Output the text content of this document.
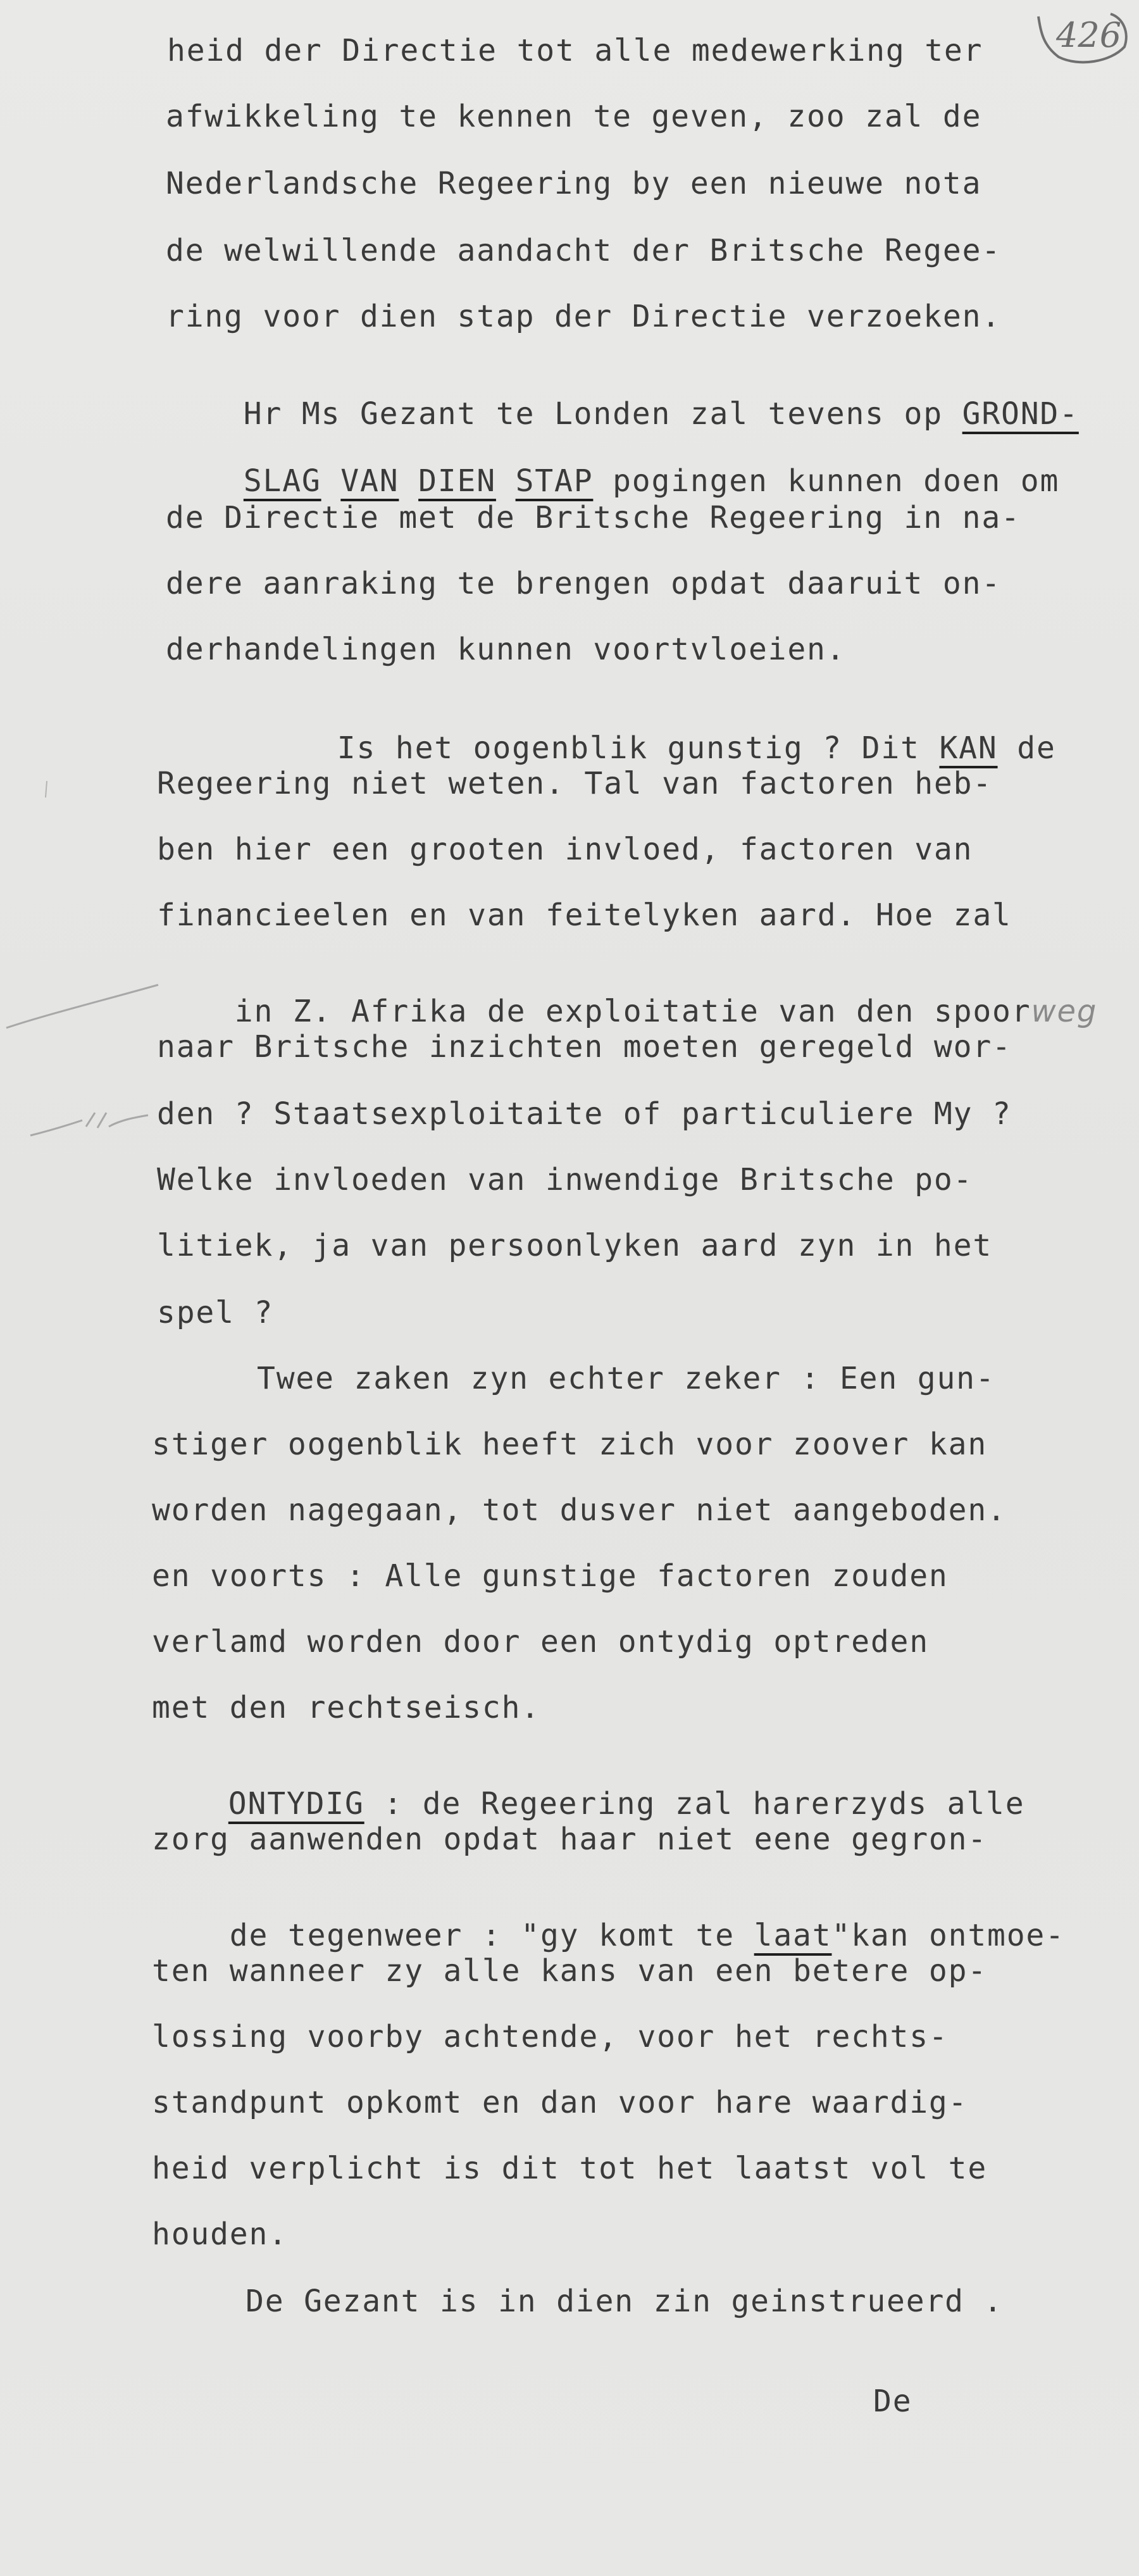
426
heid der Directie tot alle medewerking ter
afwikkeling te kennen te geven, zoo zal de
Nederlandsche Regeering by een nieuwe nota
de welwillende aandacht der Britsche Regee-
ring voor dien stap der Directie verzoeken.

Hr Ms Gezant te Londen zal tevens op GROND-

SLAG VAN DIEN STAP pogingen kunnen doen om

de Directie met de Britsche Regeering in na-
dere aanraking te brengen opdat daaruit on-
derhandelingen kunnen voortvloeien.

Is het oogenblik gunstig ? Dit KAN de

Regeering niet weten. Tal van factoren heb-
ben hier een grooten invloed, factoren van
financieelen en van feitelyken aard. Hoe zal

in Z. Afrika de exploitatie van den spoorweg

naar Britsche inzichten moeten geregeld wor-
den ? Staatsexploitaite of particuliere My ?
Welke invloeden van inwendige Britsche po-
litiek, ja van persoonlyken aard zyn in het
spel ?
Twee zaken zyn echter zeker : Een gun-
stiger oogenblik heeft zich voor zoover kan
worden nagegaan, tot dusver niet aangeboden.
en voorts : Alle gunstige factoren zouden
verlamd worden door een ontydig optreden
met den rechtseisch.

ONTYDIG : de Regeering zal harerzyds alle

zorg aanwenden opdat haar niet eene gegron-

de tegenweer : "gy komt te laat"kan ontmoe-

ten wanneer zy alle kans van een betere op-
lossing voorby achtende, voor het rechts-
standpunt opkomt en dan voor hare waardig-
heid verplicht is dit tot het laatst vol te
houden.
De Gezant is in dien zin geinstrueerd .
De
